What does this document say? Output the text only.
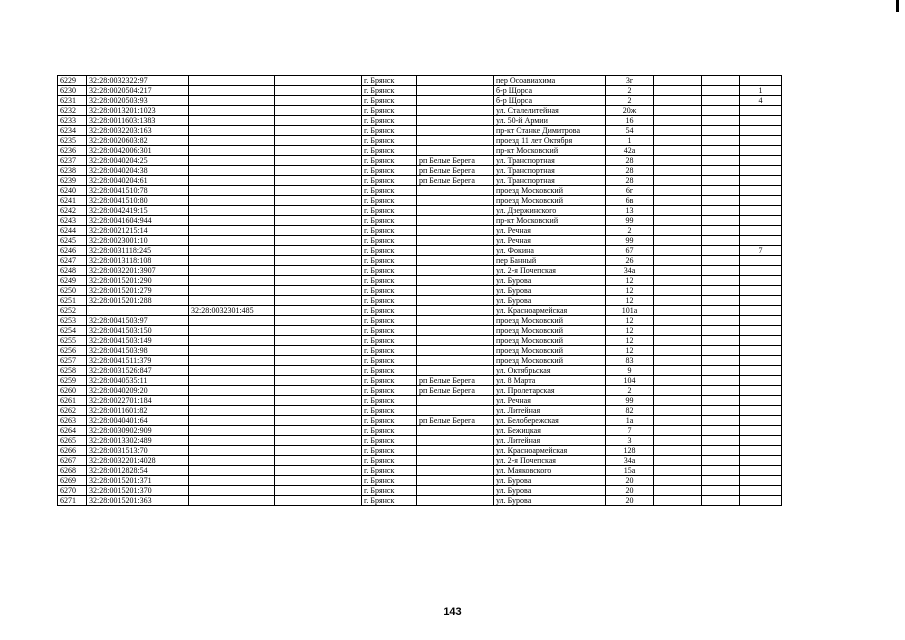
6229	32:28:0032322:97			г. Брянск		пер Осоавиахима	3г			
6230	32:28:0020504:217			г. Брянск		б-р Щорса	2			1
6231	32:28:0020503:93			г. Брянск		б-р Щорса	2			4
6232	32:28:0013201:1023			г. Брянск		ул. Сталелитейная	20ж			
6233	32:28:0011603:1383			г. Брянск		ул. 50-й Армии	16			
6234	32:28:0032203:163			г. Брянск		пр-кт Станке Димитрова	54			
6235	32:28:0020603:82			г. Брянск		проезд 11 лет Октября	1			
6236	32:28:0042006:301			г. Брянск		пр-кт Московский	42а			
6237	32:28:0040204:25			г. Брянск	рп Белые Берега	ул. Транспортная	28			
6238	32:28:0040204:38			г. Брянск	рп Белые Берега	ул. Транспортная	28			
6239	32:28:0040204:61			г. Брянск	рп Белые Берега	ул. Транспортная	28			
6240	32:28:0041510:78			г. Брянск		проезд Московский	6г			
6241	32:28:0041510:80			г. Брянск		проезд Московский	6в			
6242	32:28:0042419:15			г. Брянск		ул. Дзержинского	13			
6243	32:28:0041604:944			г. Брянск		пр-кт Московский	99			
6244	32:28:0021215:14			г. Брянск		ул. Речная	2			
6245	32:28:0023001:10			г. Брянск		ул. Речная	99			
6246	32:28:0031118:245			г. Брянск		ул. Фокина	67			7
6247	32:28:0013118:108			г. Брянск		пер Банный	26			
6248	32:28:0032201:3907			г. Брянск		ул. 2-я Почепская	34а			
6249	32:28:0015201:290			г. Брянск		ул. Бурова	12			
6250	32:28:0015201:279			г. Брянск		ул. Бурова	12			
6251	32:28:0015201:288			г. Брянск		ул. Бурова	12			
6252		32:28:0032301:485		г. Брянск		ул. Красноармейская	101а			
6253	32:28:0041503:97			г. Брянск		проезд Московский	12			
6254	32:28:0041503:150			г. Брянск		проезд Московский	12			
6255	32:28:0041503:149			г. Брянск		проезд Московский	12			
6256	32:28:0041503:98			г. Брянск		проезд Московский	12			
6257	32:28:0041511:379			г. Брянск		проезд Московский	83			
6258	32:28:0031526:847			г. Брянск		ул. Октябрьская	9			
6259	32:28:0040535:11			г. Брянск	рп Белые Берега	ул. 8 Марта	104			
6260	32:28:0040209:20			г. Брянск	рп Белые Берега	ул. Пролетарская	2			
6261	32:28:0022701:184			г. Брянск		ул. Речная	99			
6262	32:28:0011601:82			г. Брянск		ул. Литейная	82			
6263	32:28:0040401:64			г. Брянск	рп Белые Берега	ул. Белобережская	1а			
6264	32:28:0030902:909			г. Брянск		ул. Бежицкая	7			
6265	32:28:0013302:489			г. Брянск		ул. Литейная	3			
6266	32:28:0031513:70			г. Брянск		ул. Красноармейская	128			
6267	32:28:0032201:4028			г. Брянск		ул. 2-я Почепская	34а			
6268	32:28:0012828:54			г. Брянск		ул. Маяковского	15а			
6269	32:28:0015201:371			г. Брянск		ул. Бурова	20			
6270	32:28:0015201:370			г. Брянск		ул. Бурова	20			
6271	32:28:0015201:363			г. Брянск		ул. Бурова	20			
143
